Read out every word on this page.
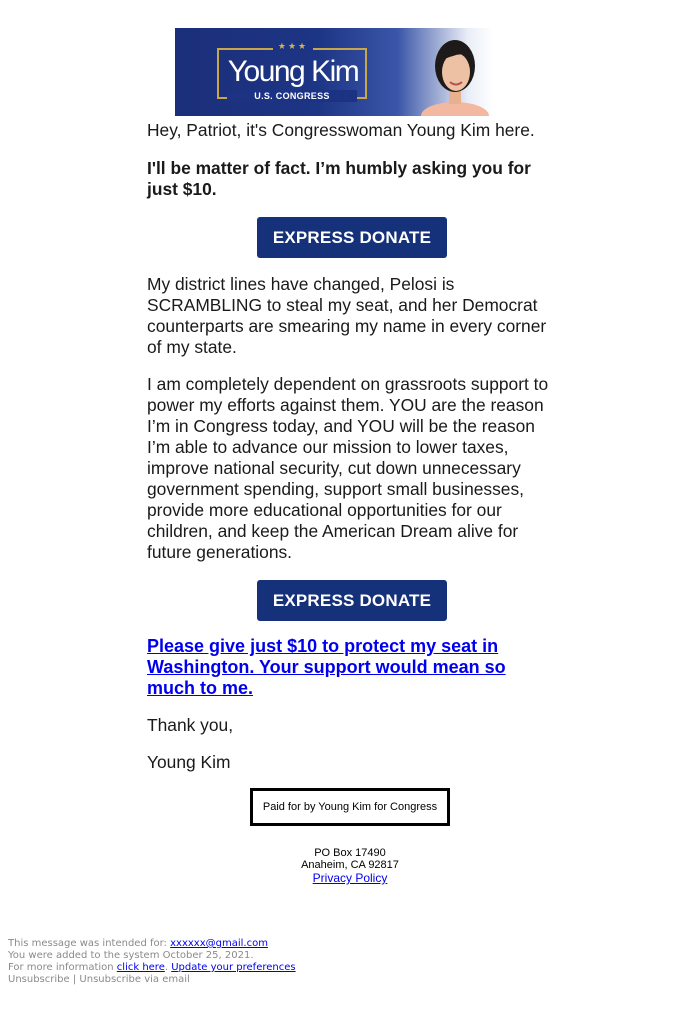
★★★
Young Kim
U.S. CONGRESS

Hey, Patriot, it's Congresswoman Young Kim here.

I'll be matter of fact. I’m humbly asking you for just $10.

EXPRESS DONATE

My district lines have changed, Pelosi is SCRAMBLING to steal my seat, and her Democrat counterparts are smearing my name in every corner of my state.

I am completely dependent on grassroots support to power my efforts against them. YOU are the reason I’m in Congress today, and YOU will be the reason I’m able to advance our mission to lower taxes, improve national security, cut down unnecessary government spending, support small businesses, provide more educational opportunities for our children, and keep the American Dream alive for future generations.

EXPRESS DONATE

Please give just $10 to protect my seat in Washington. Your support would mean so much to me.

Thank you,

Young Kim

Paid for by Young Kim for Congress
PO Box 17490
Anaheim, CA 92817
Privacy Policy
This message was intended for: xxxxxx@gmail.com
You were added to the system October 25, 2021.
For more information click here. Update your preferences
Unsubscribe | Unsubscribe via email
